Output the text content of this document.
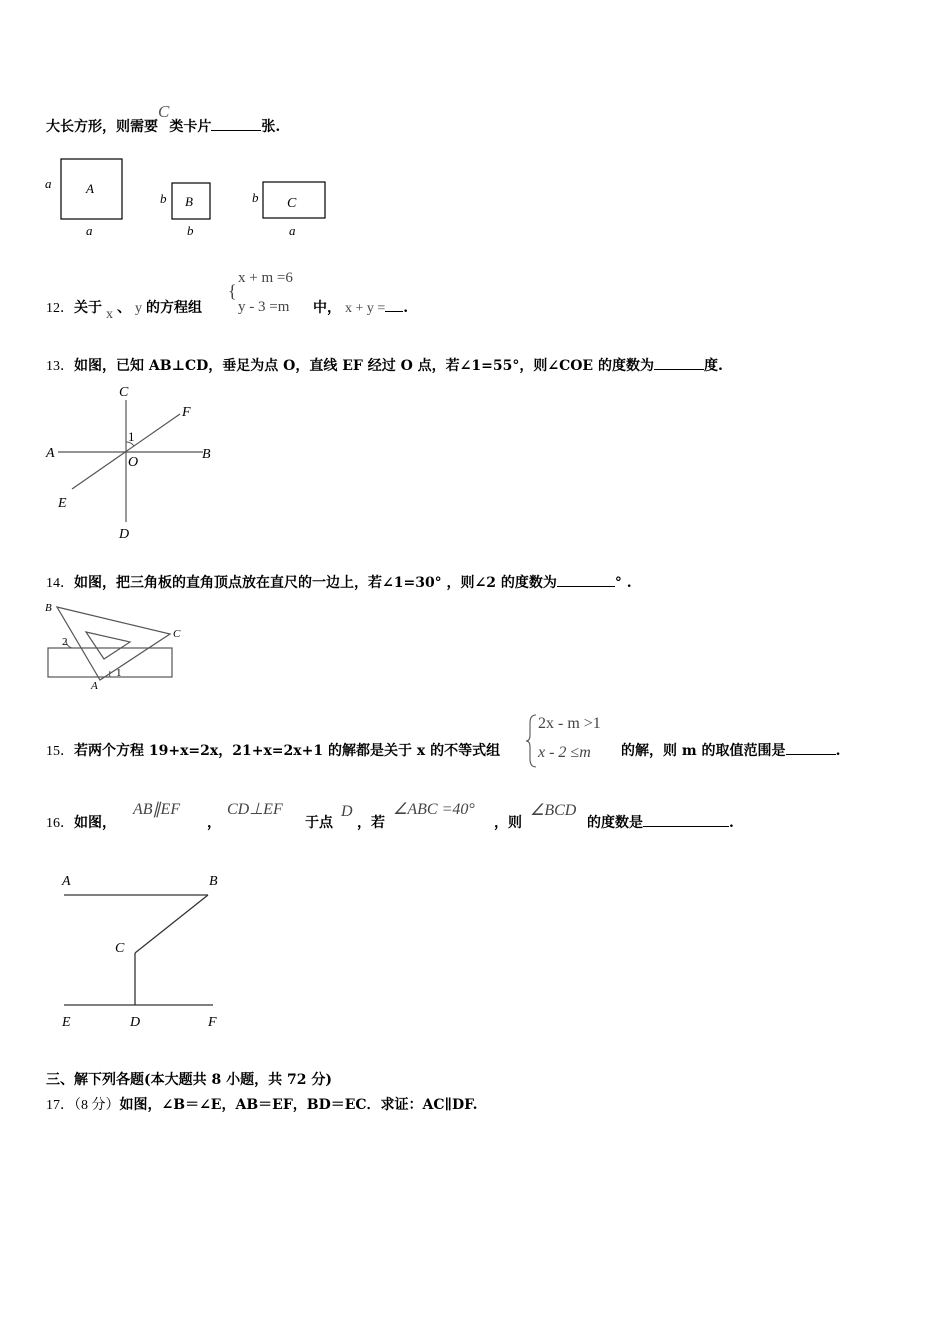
大长方形，则需要C类卡片	张.
A
a
a
B
b
b
C
b
a
12．关于 x 、 y 的方程组
{
x + m =6
y - 3 =m 中， x + y = .
13．如图，已知 AB⊥CD，垂足为点 O，直线 EF 经过 O 点，若∠1=55°，则∠COE 的度数为	度.
A	B
C
D
E
F
O
1
14．如图，把三角板的直角顶点放在直尺的一边上，若∠1=30° ，则∠2 的度数为	° .
B
C
A
1
2
15．若两个方程 19+x=2x，21+x=2x+1 的解都是关于 x 的不等式组
2x - m >1
x - 2 ≤m 的解，则 m 的取值范围是	.
16．如图，
AB∥EF
，
CD⊥EF
于点
D
，若
∠ABC =40°
，则
∠BCD
的度数是	.
A	B
C
D
E	F
三、解下列各题(本大题共 8 小题，共 72 分)
17．（8 分）如图，∠B＝∠E，AB＝EF，BD＝EC．求证：AC∥DF.
